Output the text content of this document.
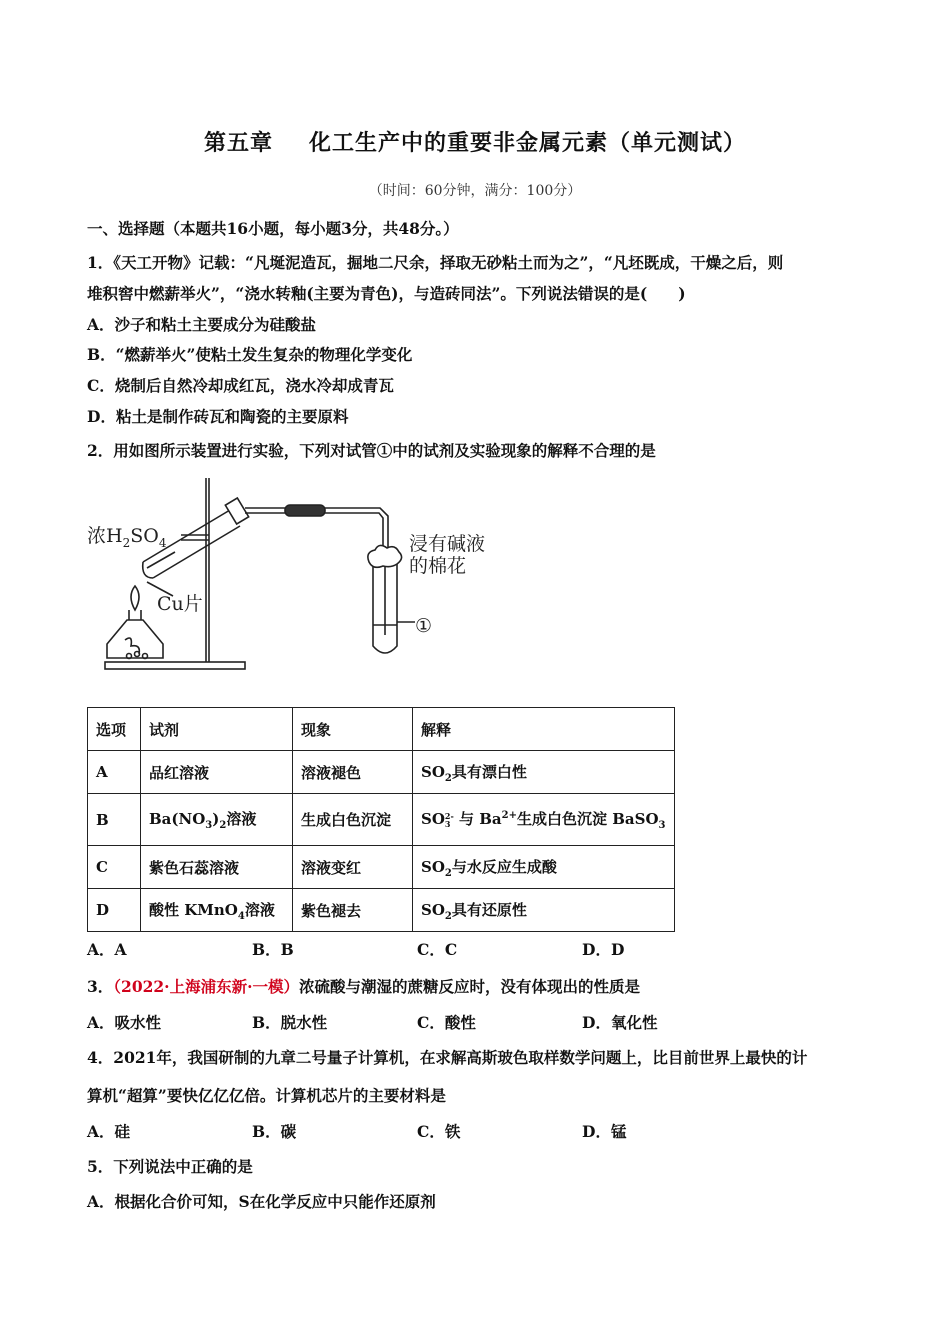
第五章 化工生产中的重要非金属元素（单元测试）
（时间：60分钟，满分：100分）
一、选择题（本题共16小题，每小题3分，共48分。）
1．《天工开物》记载：“凡埏泥造瓦，掘地二尺余，择取无砂粘土而为之”，“凡坯既成，干燥之后，则
堆积窖中燃薪举火”，“浇水转釉(主要为青色)，与造砖同法”。下列说法错误的是(　　)
A．沙子和粘土主要成分为硅酸盐
B．“燃薪举火”使粘土发生复杂的物理化学变化
C．烧制后自然冷却成红瓦，浇水冷却成青瓦
D．粘土是制作砖瓦和陶瓷的主要原料
2．用如图所示装置进行实验，下列对试管①中的试剂及实验现象的解释不合理的是
浓$H_2SO_4$
Cu片
浸有碱液
的棉花
①
选项	试剂	现象	解释
A	品红溶液	溶液褪色	$SO_2$具有漂白性
B	$Ba(NO_3)_2$溶液	生成白色沉淀	SO 2-
3 与 $Ba^{2+}$生成白色沉淀 BaSO$_3$
C	紫色石蕊溶液	溶液变红	$SO_2$与水反应生成酸
D	酸性 KMnO$_4$溶液	紫色褪去	$SO_2$具有还原性
A．A	B．B	C．C	D．D
3．（2022·上海浦东新·一模）浓硫酸与潮湿的蔗糖反应时，没有体现出的性质是
A．吸水性	B．脱水性	C．酸性	D．氧化性
4．2021年，我国研制的九章二号量子计算机，在求解高斯玻色取样数学问题上，比目前世界上最快的计
算机“超算”要快亿亿亿倍。计算机芯片的主要材料是
A．硅	B．碳	C．铁	D．锰
5．下列说法中正确的是
A．根据化合价可知，S在化学反应中只能作还原剂
